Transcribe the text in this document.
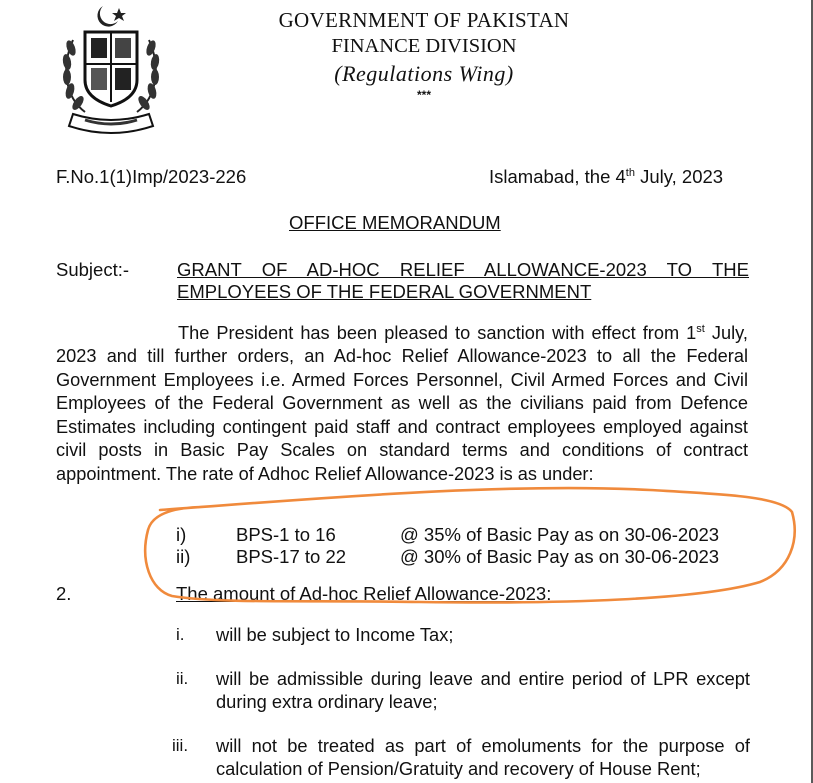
GOVERNMENT OF PAKISTAN
FINANCE DIVISION
(Regulations Wing)
***
F.No.1(1)Imp/2023-226	Islamabad, the 4th July, 2023
OFFICE MEMORANDUM
Subject:-	GRANT OF AD-HOC RELIEF ALLOWANCE-2023 TO THE
EMPLOYEES OF THE FEDERAL GOVERNMENT
The President has been pleased to sanction with effect from 1st July, 2023 and till further orders, an Ad-hoc Relief Allowance-2023 to all the Federal Government Employees i.e. Armed Forces Personnel, Civil Armed Forces and Civil Employees of the Federal Government as well as the civilians paid from Defence Estimates including contingent paid staff and contract employees employed against civil posts in Basic Pay Scales on standard terms and conditions of contract appointment. The rate of Adhoc Relief Allowance-2023 is as under:
i)	BPS-1 to 16	@ 35% of Basic Pay as on 30-06-2023
ii) BPS-17 to 22	@ 30% of Basic Pay as on 30-06-2023
2.	The amount of Ad-hoc Relief Allowance-2023:
i. will be subject to Income Tax;
ii. will be admissible during leave and entire period of LPR except during extra ordinary leave;
iii. will not be treated as part of emoluments for the purpose of calculation of Pension/Gratuity and recovery of House Rent;
